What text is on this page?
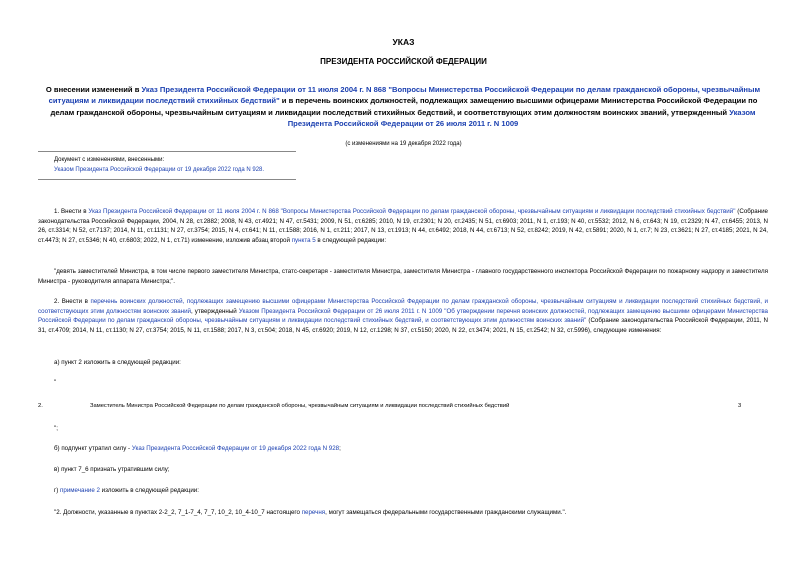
УКАЗ
ПРЕЗИДЕНТА РОССИЙСКОЙ ФЕДЕРАЦИИ
О внесении изменений в Указ Президента Российской Федерации от 11 июля 2004 г. N 868 "Вопросы Министерства Российской Федерации по делам гражданской обороны, чрезвычайным ситуациям и ликвидации последствий стихийных бедствий" и в перечень воинских должностей, подлежащих замещению высшими офицерами Министерства Российской Федерации по делам гражданской обороны, чрезвычайным ситуациям и ликвидации последствий стихийных бедствий, и соответствующих этим должностям воинских званий, утвержденный Указом Президента Российской Федерации от 26 июля 2011 г. N 1009
(с изменениями на 19 декабря 2022 года)
Документ с изменениями, внесенными:
Указом Президента Российской Федерации от 19 декабря 2022 года N 928.
1. Внести в Указ Президента Российской Федерации от 11 июля 2004 г. N 868 "Вопросы Министерства Российской Федерации по делам гражданской обороны, чрезвычайным ситуациям и ликвидации последствий стихийных бедствий" (Собрание законодательства Российской Федерации, 2004, N 28, ст.2882; 2008, N 43, ст.4921; N 47, ст.5431; 2009, N 51, ст.6285; 2010, N 19, ст.2301; N 20, ст.2435; N 51, ст.6903; 2011, N 1, ст.193; N 40, ст.5532; 2012, N 6, ст.643; N 19, ст.2329; N 47, ст.6455; 2013, N 26, ст.3314; N 52, ст.7137; 2014, N 11, ст.1131; N 27, ст.3754; 2015, N 4, ст.641; N 11, ст.1588; 2016, N 1, ст.211; 2017, N 13, ст.1913; N 44, ст.6492; 2018, N 44, ст.6713; N 52, ст.8242; 2019, N 42, ст.5891; 2020, N 1, ст.7; N 23, ст.3621; N 27, ст.4185; 2021, N 24, ст.4473; N 27, ст.5346; N 40, ст.6803; 2022, N 1, ст.71) изменение, изложив абзац второй пункта 5 в следующей редакции:
"девять заместителей Министра, в том числе первого заместителя Министра, статс-секретаря - заместителя Министра, заместителя Министра - главного государственного инспектора Российской Федерации по пожарному надзору и заместителя Министра - руководителя аппарата Министра;".
2. Внести в перечень воинских должностей, подлежащих замещению высшими офицерами Министерства Российской Федерации по делам гражданской обороны, чрезвычайным ситуациям и ликвидации последствий стихийных бедствий, и соответствующих этим должностям воинских званий, утвержденный Указом Президента Российской Федерации от 26 июля 2011 г. N 1009 "Об утверждении перечня воинских должностей, подлежащих замещению высшими офицерами Министерства Российской Федерации по делам гражданской обороны, чрезвычайным ситуациям и ликвидации последствий стихийных бедствий, и соответствующих этим должностям воинских званий" (Собрание законодательства Российской Федерации, 2011, N 31, ст.4709; 2014, N 11, ст.1130; N 27, ст.3754; 2015, N 11, ст.1588; 2017, N 3, ст.504; 2018, N 45, ст.6920; 2019, N 12, ст.1298; N 37, ст.5150; 2020, N 22, ст.3474; 2021, N 15, ст.2542; N 32, ст.5996), следующие изменения:
а) пункт 2 изложить в следующей редакции:
"
2.	Заместитель Министра Российской Федерации по делам гражданской обороны, чрезвычайным ситуациям и ликвидации последствий стихийных бедствий	3
";
б) подпункт утратил силу - Указ Президента Российской Федерации от 19 декабря 2022 года N 928;
в) пункт 7_6 признать утратившим силу;
г) примечание 2 изложить в следующей редакции:
"2. Должности, указанные в пунктах 2-2_2, 7_1-7_4, 7_7, 10_2, 10_4-10_7 настоящего перечня, могут замещаться федеральными государственными гражданскими служащими.".
